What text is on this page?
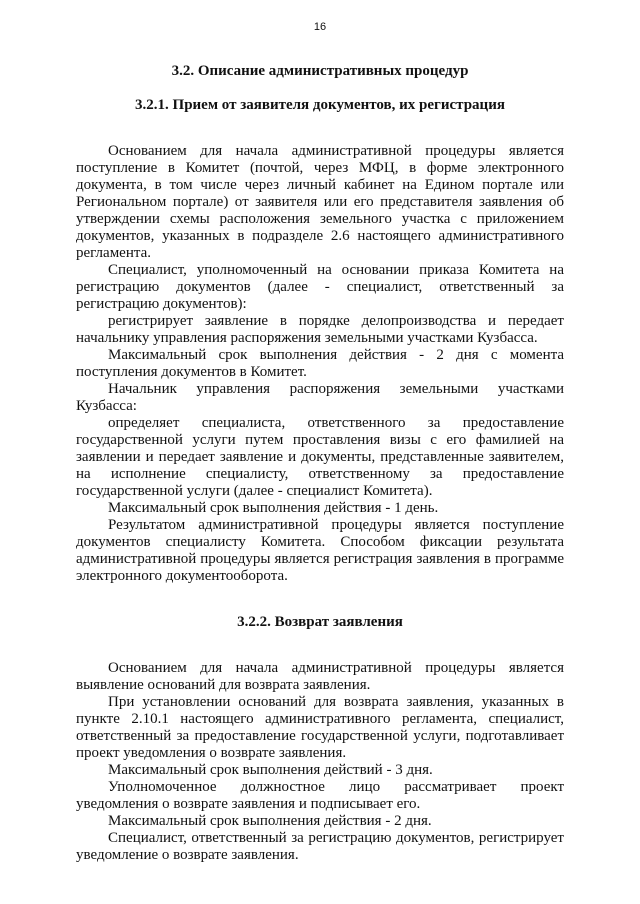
16
3.2. Описание административных процедур
3.2.1. Прием от заявителя документов, их регистрация

Основанием для начала административной процедуры является поступление в Комитет (почтой, через МФЦ, в форме электронного документа, в том числе через личный кабинет на Едином портале или Региональном портале) от заявителя или его представителя заявления об утверждении схемы расположения земельного участка с приложением документов, указанных в подразделе 2.6 настоящего административного регламента.

Специалист, уполномоченный на основании приказа Комитета на регистрацию документов (далее - специалист, ответственный за регистрацию документов):

регистрирует заявление в порядке делопроизводства и передает начальнику управления распоряжения земельными участками Кузбасса.

Максимальный срок выполнения действия - 2 дня с момента поступления документов в Комитет.

Начальник управления распоряжения земельными участками Кузбасса:

определяет специалиста, ответственного за предоставление государственной услуги путем проставления визы с его фамилией на заявлении и передает заявление и документы, представленные заявителем, на исполнение специалисту, ответственному за предоставление государственной услуги (далее - специалист Комитета).

Максимальный срок выполнения действия - 1 день.

Результатом административной процедуры является поступление документов специалисту Комитета. Способом фиксации результата административной процедуры является регистрация заявления в программе электронного документооборота.

3.2.2. Возврат заявления

Основанием для начала административной процедуры является выявление оснований для возврата заявления.

При установлении оснований для возврата заявления, указанных в пункте 2.10.1 настоящего административного регламента, специалист, ответственный за предоставление государственной услуги, подготавливает проект уведомления о возврате заявления.

Максимальный срок выполнения действий - 3 дня.

Уполномоченное должностное лицо рассматривает проект уведомления о возврате заявления и подписывает его.

Максимальный срок выполнения действия - 2 дня.

Специалист, ответственный за регистрацию документов, регистрирует уведомление о возврате заявления.
